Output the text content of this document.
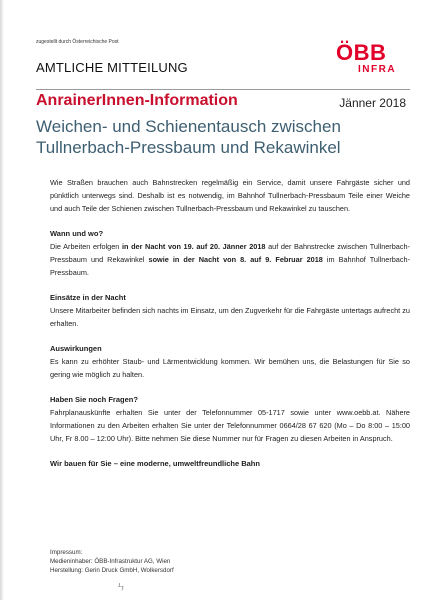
zugestellt durch Österreichische Post
AMTLICHE MITTEILUNG
ÖBB
INFRA
AnrainerInnen-Information	Jänner 2018
Weichen- und Schienentausch zwischen
Tullnerbach-Pressbaum und Rekawinkel

Wie Straßen brauchen auch Bahnstrecken regelmäßig ein Service, damit unsere Fahrgäste sicher und pünktlich unterwegs sind. Deshalb ist es notwendig, im Bahnhof Tullnerbach-Pressbaum Teile einer Weiche und auch Teile der Schienen zwischen Tullnerbach-Pressbaum und Rekawinkel zu tauschen.

Wann und wo?

Die Arbeiten erfolgen in der Nacht von 19. auf 20. Jänner 2018 auf der Bahnstrecke zwischen Tullnerbach-Pressbaum und Rekawinkel sowie in der Nacht von 8. auf 9. Februar 2018 im Bahnhof Tullnerbach-Pressbaum.

Einsätze in der Nacht

Unsere Mitarbeiter befinden sich nachts im Einsatz, um den Zugverkehr für die Fahrgäste untertags aufrecht zu erhalten.

Auswirkungen

Es kann zu erhöhter Staub- und Lärmentwicklung kommen. Wir bemühen uns, die Belastungen für Sie so gering wie möglich zu halten.

Haben Sie noch Fragen?

Fahrplanauskünfte erhalten Sie unter der Telefonnummer 05-1717 sowie unter www.oebb.at. Nähere Informationen zu den Arbeiten erhalten Sie unter der Telefonnummer 0664/28 67 620 (Mo – Do 8:00 – 15:00 Uhr, Fr 8.00 – 12:00 Uhr). Bitte nehmen Sie diese Nummer nur für Fragen zu diesen Arbeiten in Anspruch.

Wir bauen für Sie – eine moderne, umweltfreundliche Bahn
Impressum:
Medieninhaber: ÖBB-Infrastruktur AG, Wien
Herstellung: Gerin Druck GmbH, Wolkersdorf
ㄣ
